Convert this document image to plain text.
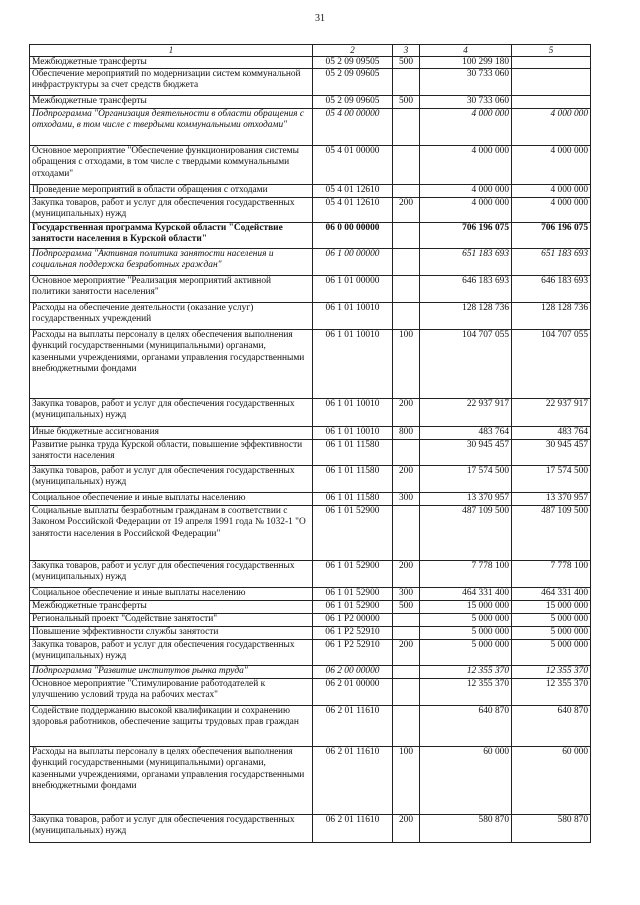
31
1	2	3	4	5
Межбюджетные трансферты	05 2 09 09505	500	100 299 180	
Обеспечение мероприятий по модернизации систем коммунальной инфраструктуры за счет средств бюджета	05 2 09 09605		30 733 060	
Межбюджетные трансферты	05 2 09 09605	500	30 733 060	
Подпрограмма "Организация деятельности в области обращения с отходами, в том числе с твердыми коммунальными отходами"	05 4 00 00000		4 000 000	4 000 000
Основное мероприятие "Обеспечение функционирования системы обращения с отходами, в том числе с твердыми коммунальными отходами"	05 4 01 00000		4 000 000	4 000 000
Проведение мероприятий в области обращения с отходами	05 4 01 12610		4 000 000	4 000 000
Закупка товаров, работ и услуг для обеспечения государственных (муниципальных) нужд	05 4 01 12610	200	4 000 000	4 000 000
Государственная программа Курской области "Содействие занятости населения в Курской области"	06 0 00 00000		706 196 075	706 196 075
Подпрограмма "Активная политика занятости населения и социальная поддержка безработных граждан"	06 1 00 00000		651 183 693	651 183 693
Основное мероприятие "Реализация мероприятий активной политики занятости населения"	06 1 01 00000		646 183 693	646 183 693
Расходы на обеспечение деятельности (оказание услуг) государственных учреждений	06 1 01 10010		128 128 736	128 128 736
Расходы на выплаты персоналу в целях обеспечения выполнения функций государственными (муниципальными) органами, казенными учреждениями, органами управления государственными внебюджетными фондами	06 1 01 10010	100	104 707 055	104 707 055
Закупка товаров, работ и услуг для обеспечения государственных (муниципальных) нужд	06 1 01 10010	200	22 937 917	22 937 917
Иные бюджетные ассигнования	06 1 01 10010	800	483 764	483 764
Развитие рынка труда Курской области, повышение эффективности занятости населения	06 1 01 11580		30 945 457	30 945 457
Закупка товаров, работ и услуг для обеспечения государственных (муниципальных) нужд	06 1 01 11580	200	17 574 500	17 574 500
Социальное обеспечение и иные выплаты населению	06 1 01 11580	300	13 370 957	13 370 957
Социальные выплаты безработным гражданам в соответствии с Законом Российской Федерации от 19 апреля 1991 года № 1032-1 "О занятости населения в Российской Федерации"	06 1 01 52900		487 109 500	487 109 500
Закупка товаров, работ и услуг для обеспечения государственных (муниципальных) нужд	06 1 01 52900	200	7 778 100	7 778 100
Социальное обеспечение и иные выплаты населению	06 1 01 52900	300	464 331 400	464 331 400
Межбюджетные трансферты	06 1 01 52900	500	15 000 000	15 000 000
Региональный проект "Содействие занятости"	06 1 P2 00000		5 000 000	5 000 000
Повышение эффективности службы занятости	06 1 P2 52910		5 000 000	5 000 000
Закупка товаров, работ и услуг для обеспечения государственных (муниципальных) нужд	06 1 P2 52910	200	5 000 000	5 000 000
Подпрограмма "Развитие институтов рынка труда"	06 2 00 00000		12 355 370	12 355 370
Основное мероприятие "Стимулирование работодателей к улучшению условий труда на рабочих местах"	06 2 01 00000		12 355 370	12 355 370
Содействие поддержанию высокой квалификации и сохранению здоровья работников, обеспечение защиты трудовых прав граждан	06 2 01 11610		640 870	640 870
Расходы на выплаты персоналу в целях обеспечения выполнения функций государственными (муниципальными) органами, казенными учреждениями, органами управления государственными внебюджетными фондами	06 2 01 11610	100	60 000	60 000
Закупка товаров, работ и услуг для обеспечения государственных (муниципальных) нужд	06 2 01 11610	200	580 870	580 870
